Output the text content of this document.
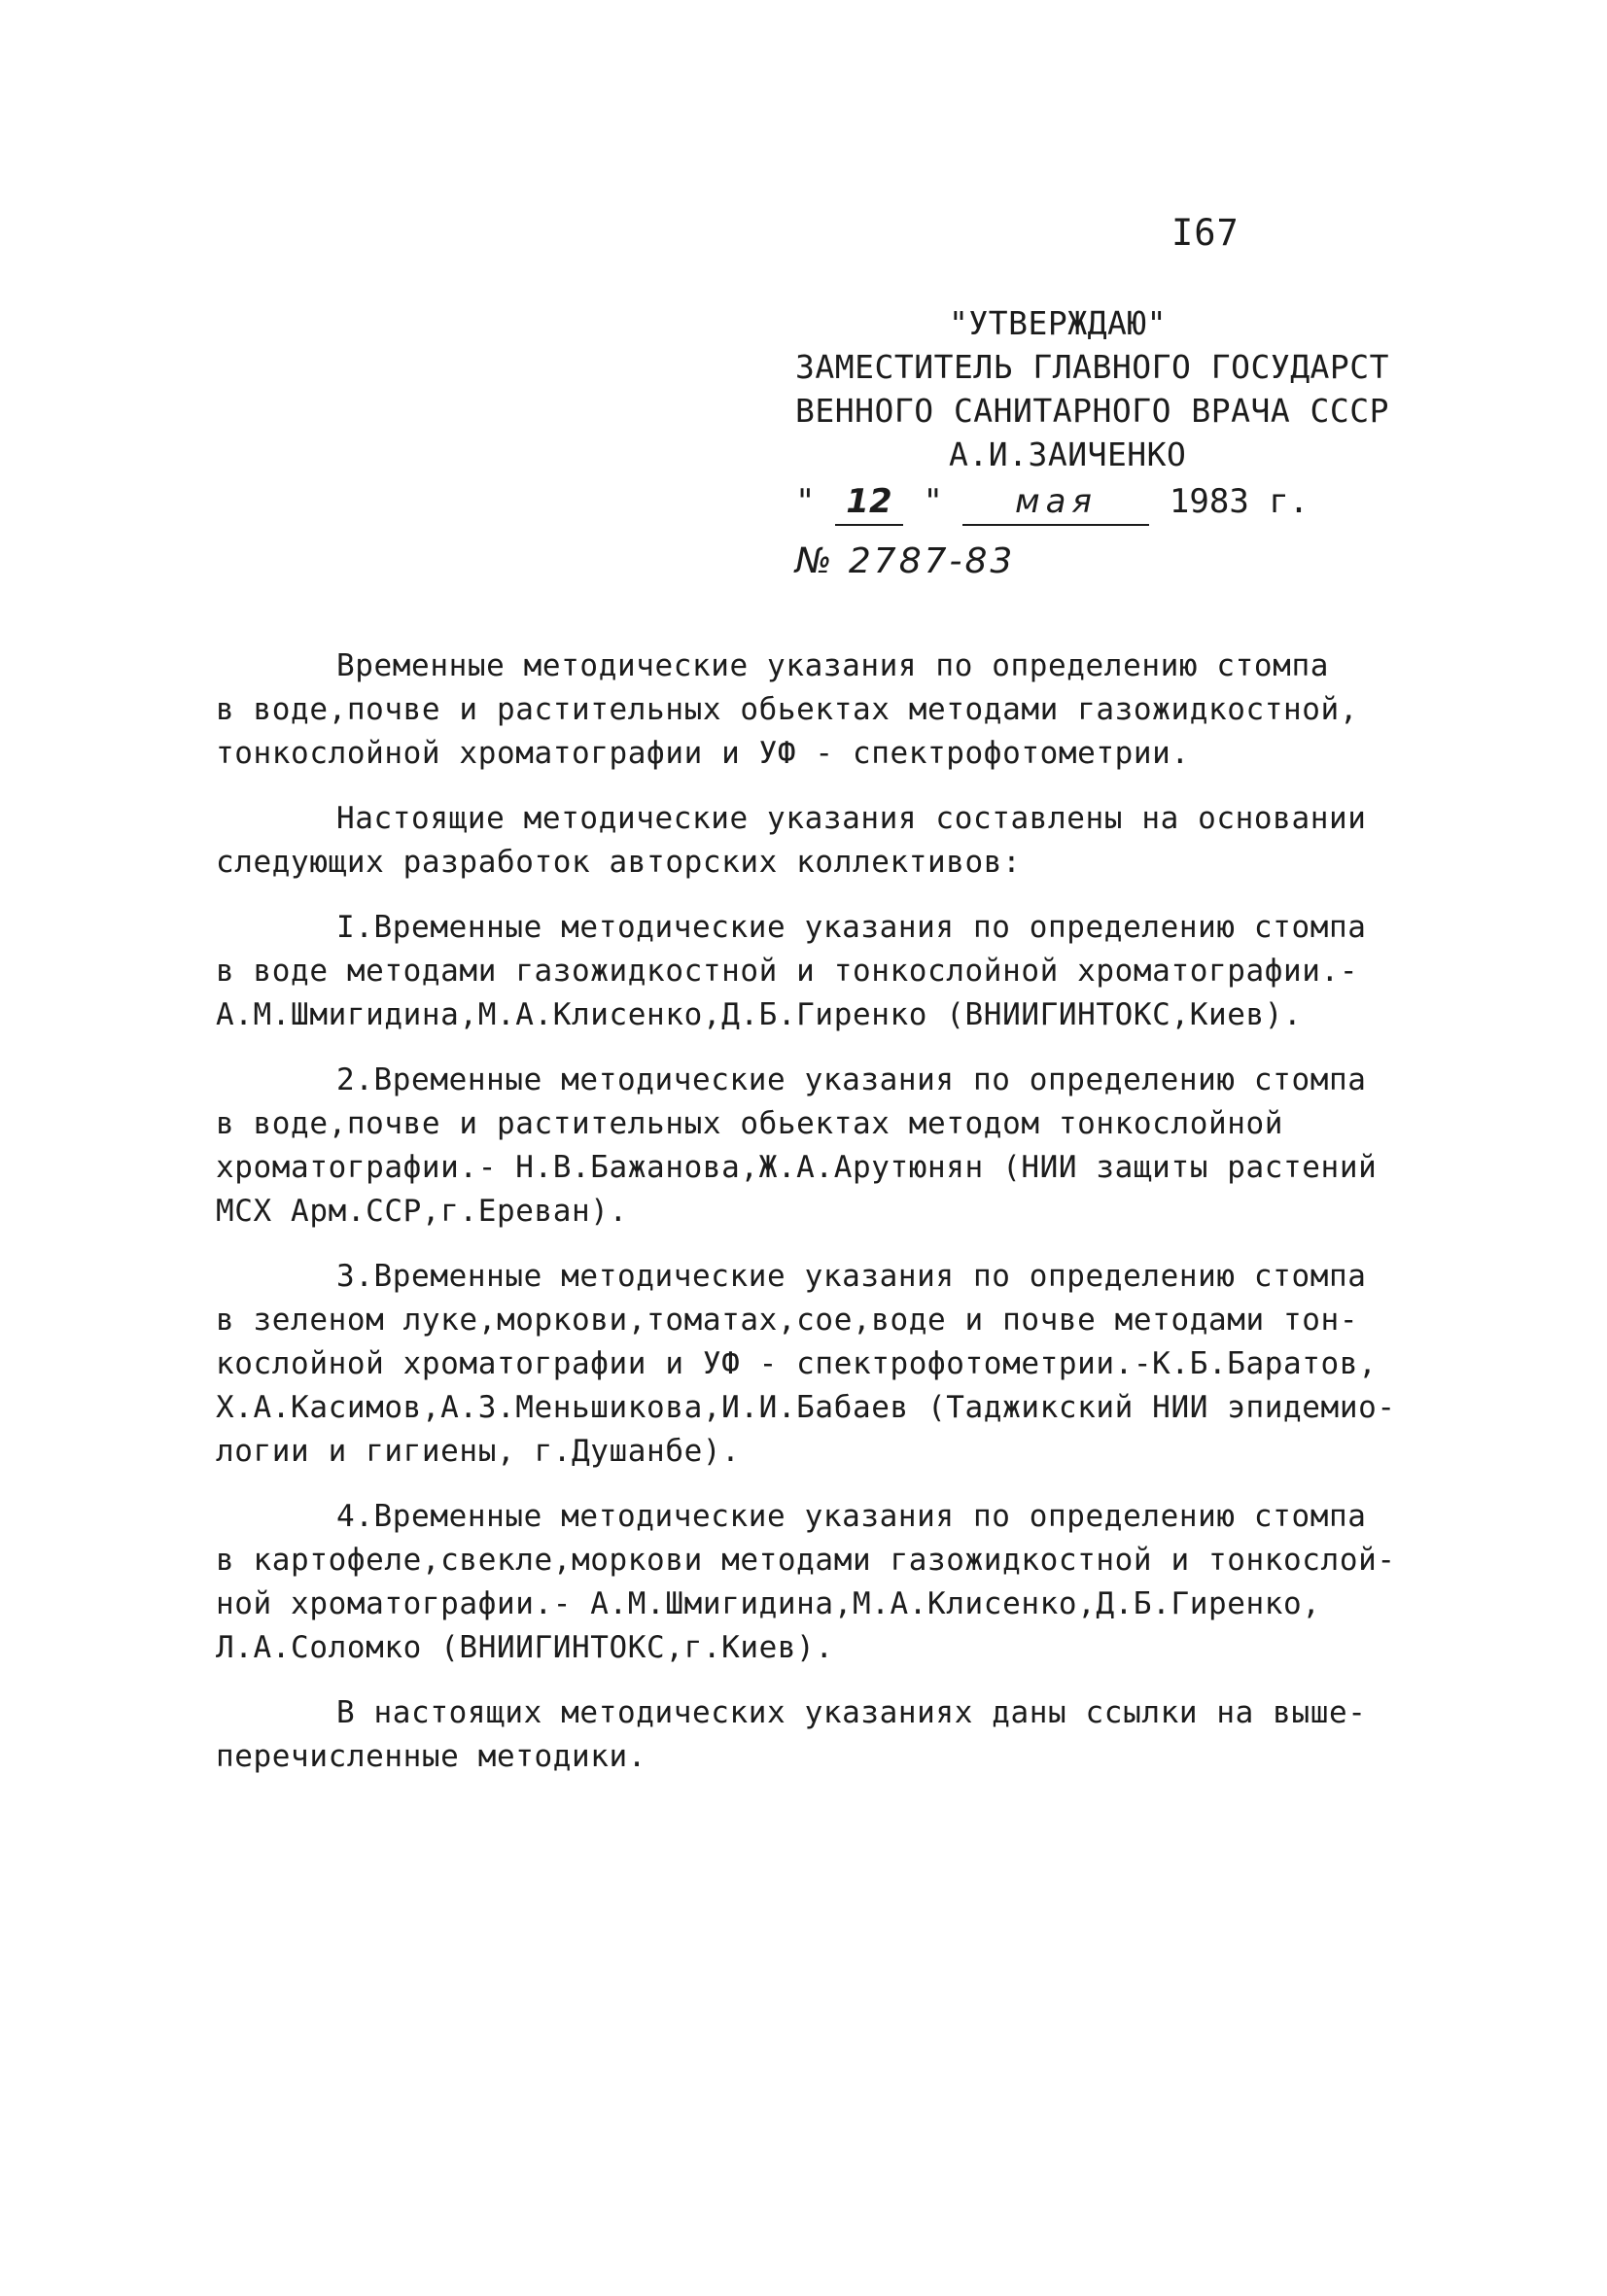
I67
"УТВЕРЖДАЮ"
ЗАМЕСТИТЕЛЬ ГЛАВНОГО ГОСУДАРСТ
ВЕННОГО САНИТАРНОГО ВРАЧА СССР
А.И.ЗАИЧЕНКО
" 12 " мая 1983 г.
№ 2787-83

Временные методические указания по определению стомпа
в воде,почве и растительных обьектах методами газожидкостной,
тонкослойной хроматографии и УФ - спектрофотометрии.

Настоящие методические указания составлены на основании
следующих разработок авторских коллективов:

I.Временные методические указания по определению стомпа
в воде методами газожидкостной и тонкослойной хроматографии.-
А.М.Шмигидина,М.А.Клисенко,Д.Б.Гиренко (ВНИИГИНТОКС,Киев).

2.Временные методические указания по определению стомпа
в воде,почве и растительных обьектах методом тонкослойной
хроматографии.- Н.В.Бажанова,Ж.А.Арутюнян (НИИ защиты растений
МСХ Арм.ССР,г.Ереван).

3.Временные методические указания по определению стомпа
в зеленом луке,моркови,томатах,сое,воде и почве методами тон-
кослойной хроматографии и УФ - спектрофотометрии.-К.Б.Баратов,
Х.А.Касимов,А.З.Меньшикова,И.И.Бабаев (Таджикский НИИ эпидемио-
логии и гигиены, г.Душанбе).

4.Временные методические указания по определению стомпа
в картофеле,свекле,моркови методами газожидкостной и тонкослой-
ной хроматографии.- А.М.Шмигидина,М.А.Клисенко,Д.Б.Гиренко,
Л.А.Соломко (ВНИИГИНТОКС,г.Киев).

В настоящих методических указаниях даны ссылки на выше-
перечисленные методики.
